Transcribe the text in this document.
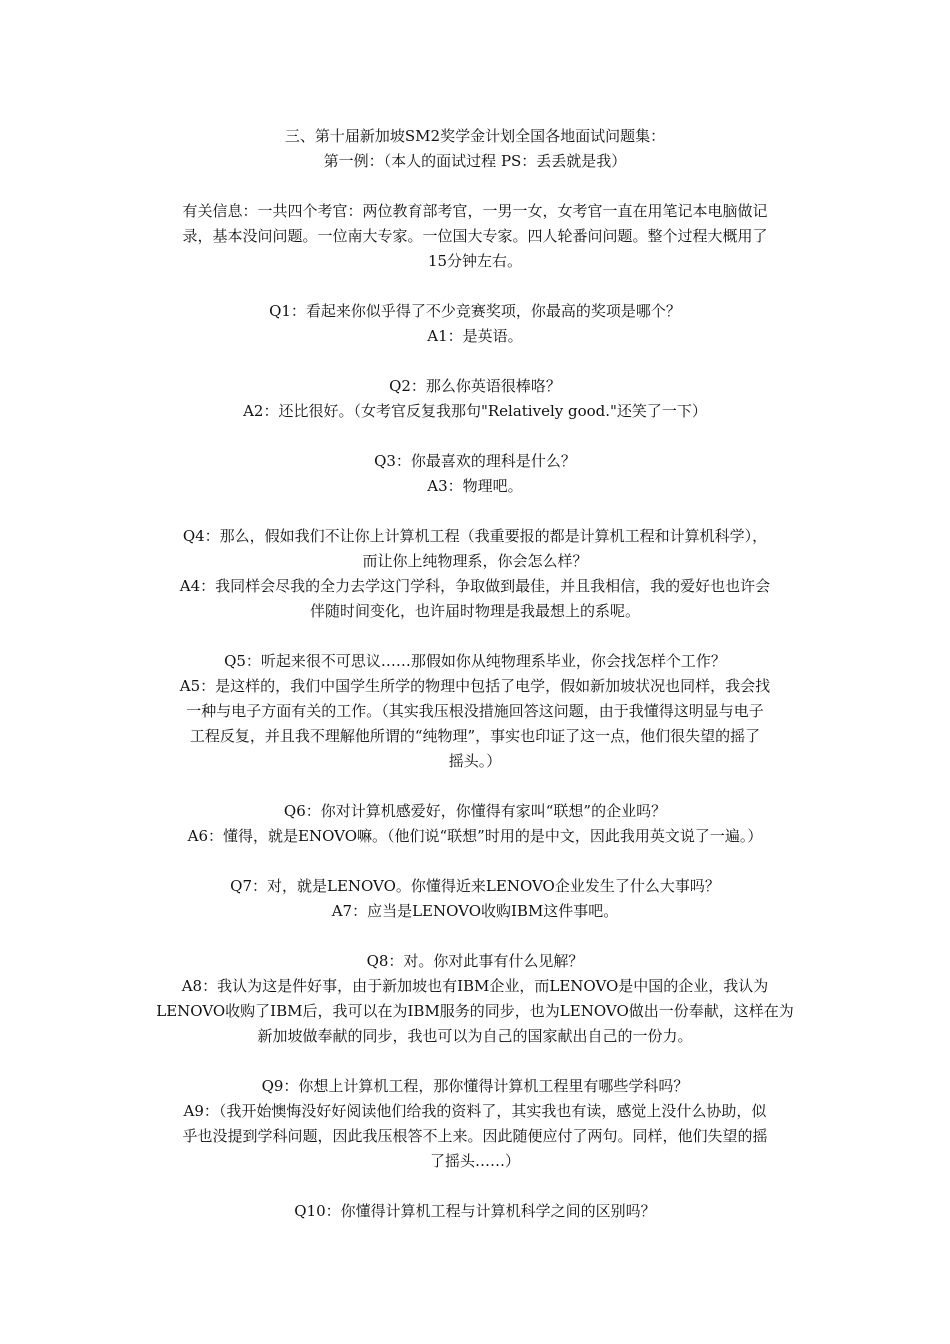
三、第十届新加坡SM2奖学金计划全国各地面试问题集：
第一例：（本人的面试过程 PS：丢丢就是我）
有关信息：一共四个考官：两位教育部考官，一男一女，女考官一直在用笔记本电脑做记
录，基本没问问题。一位南大专家。一位国大专家。四人轮番问问题。整个过程大概用了
15分钟左右。
Q1：看起来你似乎得了不少竞赛奖项，你最高的奖项是哪个？
A1：是英语。
Q2：那么你英语很棒咯？
A2：还比很好。（女考官反复我那句"Relatively good."还笑了一下）
Q3：你最喜欢的理科是什么？
A3：物理吧。
Q4：那么，假如我们不让你上计算机工程（我重要报的都是计算机工程和计算机科学），
而让你上纯物理系，你会怎么样？
A4：我同样会尽我的全力去学这门学科，争取做到最佳，并且我相信，我的爱好也也许会
伴随时间变化，也许届时物理是我最想上的系呢。
Q5：听起来很不可思议……那假如你从纯物理系毕业，你会找怎样个工作？
A5：是这样的，我们中国学生所学的物理中包括了电学，假如新加坡状况也同样，我会找
一种与电子方面有关的工作。（其实我压根没措施回答这问题，由于我懂得这明显与电子
工程反复，并且我不理解他所谓的“纯物理”，事实也印证了这一点，他们很失望的摇了
摇头。）
Q6：你对计算机感爱好，你懂得有家叫“联想”的企业吗？
A6：懂得，就是ENOVO嘛。（他们说“联想”时用的是中文，因此我用英文说了一遍。）
Q7：对，就是LENOVO。你懂得近来LENOVO企业发生了什么大事吗？
A7：应当是LENOVO收购IBM这件事吧。
Q8：对。你对此事有什么见解？
A8：我认为这是件好事，由于新加坡也有IBM企业，而LENOVO是中国的企业，我认为
LENOVO收购了IBM后，我可以在为IBM服务的同步，也为LENOVO做出一份奉献，这样在为
新加坡做奉献的同步，我也可以为自己的国家献出自己的一份力。
Q9：你想上计算机工程，那你懂得计算机工程里有哪些学科吗？
A9：（我开始懊悔没好好阅读他们给我的资料了，其实我也有读，感觉上没什么协助，似
乎也没提到学科问题，因此我压根答不上来。因此随便应付了两句。同样，他们失望的摇
了摇头……）
Q10：你懂得计算机工程与计算机科学之间的区别吗？
